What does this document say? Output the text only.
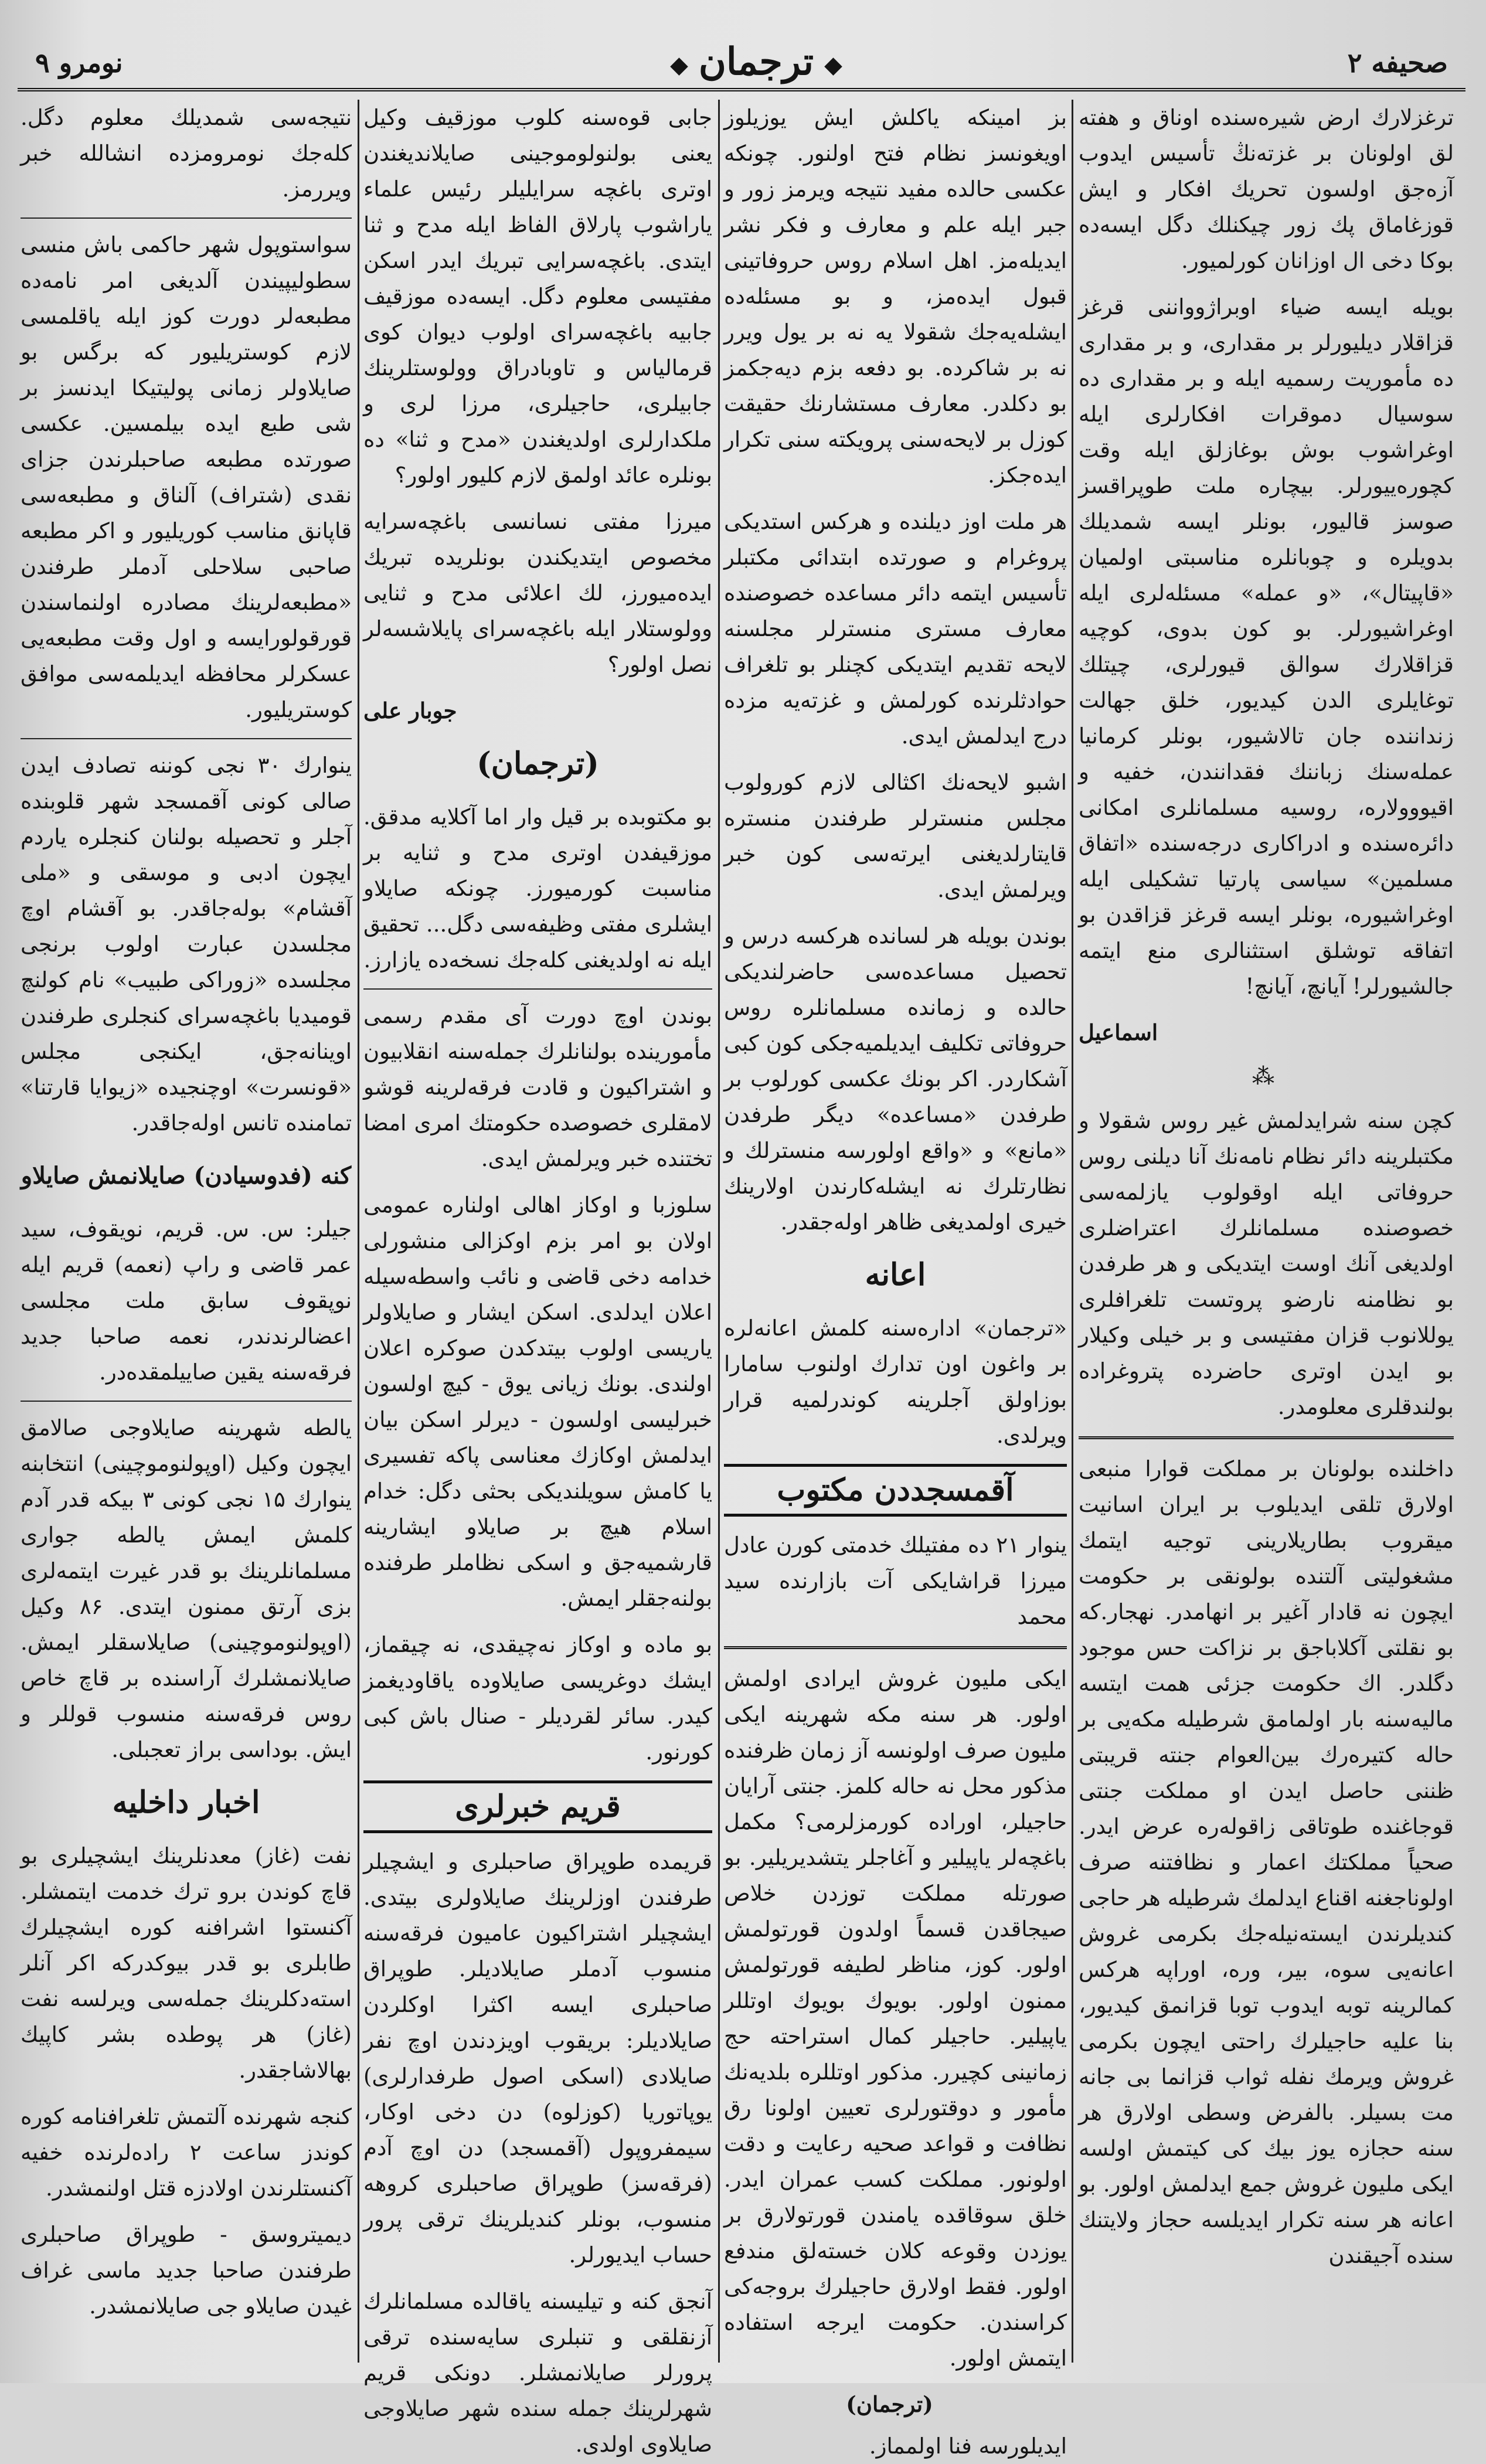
صحیفه ۲
◆ ترجمان ◆
نومرو ۹

ترغزلارك ارض شیرەسندە اوناق و هفته لق اولونان بر غزتەنڭ تأسیس ایدوب آزەجق اولسون تحریك افكار و ایش قوزغاماق پك زور چیكنلك دگل ایسەدە بوكا دخی ال اوزانان كورلمیور.

بویلە ایسە ضیاء اوبراژوواننی قرغز قزاقلار دیلیورلر بر مقداری، و بر مقداری ده مأموریت رسمیه ایلە و بر مقداری ده سوسیال دموقرات افكارلری ایلە اوغراشوب بوش بوغازلق ایلە وقت كچورەییورلر. بیچارە ملت طوپراقسز صوسز قالیور، بونلر ایسە شمدیلك بدویلره و چوبانلره مناسبتی اولمیان «قاپیتال»، «و عمله» مسئلەلری ایلە اوغراشیورلر. بو كون بدوی، كوچیه قزاقلارك سوالق قیورلری، چیتلك توغایلری الدن كیدیور، خلق جهالت زندانندە جان تالاشیور، بونلر كرمانیا عملەسنك زباننك فقدانندن، خفیه و اقیووولارە، روسیه مسلمانلری امكانی دائرەسندە و ادراكاری درجەسندە «اتفاق مسلمین» سیاسی پارتیا تشكیلی ایلە اوغراشیورە، بونلر ایسه قرغز قزاقدن بو اتفاقه توشلق استثنالری منع ایتمه جالشیورلر! آیانچ، آیانچ!

اسماعیل
⁂

كچن سنه شرایدلمش غیر روس شقولا و مكتبلرینه دائر نظام نامەنك آنا دیلنی روس حروفاتی ایلە اوقولوب یازلمەسی خصوصنده مسلمانلرك اعتراضلری اولدیغی آنك اوست ایتدیكی و هر طرفدن بو نظامنه نارضو پروتست تلغرافلری یوللانوب قزان مفتیسی و بر خیلی وكیلار بو ایدن اوتری حاضرده پتروغرادە بولندقلری معلومدر.

داخلندە بولونان بر مملكت قوارا منبعی اولارق تلقی ایدیلوب بر ایران اسانیت میقروب بطاریلارینی توجیه ایتمك مشغولیتی آلتنده بولونقی بر حكومت ایچون نه قادار آغیر بر انهامدر. نهجار.كه بو نقلتی آكلاباجق بر نزاكت حس موجود دگلدر. اك حكومت جزئی همت ایتسه مالیەسنه بار اولمامق شرطیلە مكه‌یی بر حالە كتیرەرك بین‌العوام جنته قریبتی ظننی حاصل ایدن او مملكت جنتی قوجاغندە طوتاقی زاقولەرە عرض ایدر. صحیاً مملكتك اعمار و نظافتنە صرف اولوناجغنه اقناع ایدلمك شرطیلە هر حاجی كندیلرندن ایسته‌نیله‌جك بكرمی غروش اعانه‌یی سوە، بیر، ورە، اوراپه هركس كمالرینه توبه ایدوب توبا قزانمق كیدیور، بنا علیه حاجیلرك راحتی ایچون بكرمی غروش ویرمك نفله ثواب قزانما بی جانه مت بسیلر. بالفرض وسطی اولارق هر سنه حجازه یوز بیك كی كیتمش اولسه ایكی ملیون غروش جمع ایدلمش اولور. بو اعانه هر سنه تكرار ایدیلسه حجاز ولایتنك سنده آجیقندن

بز امینكه یاكلش ایش یوزیلوز اویغونسز نظام فتح اولنور. چونكه عكسی حالدە مفید نتیجه ویرمز زور و جبر ایلە علم و معارف و فكر نشر ایدیلەمز. اهل اسلام روس حروفاتینی قبول ایدەمز، و بو مسئلەده ایشلەیه‌جك شقولا یه نه بر یول ویرر نه بر شاكرده. بو دفعه بزم دیه‌جكمز بو دكلدر. معارف مستشارنك حقیقت كوزل بر لایحەسنی پرویكته سنی تكرار ایده‌جكز.

هر ملت اوز دیلندە و هركس استدیكی پروغرام و صورتدە ابتدائی مكتبلر تأسیس ایتمه دائر مساعدە خصوصنده معارف مستری منسترلر مجلسنه لایحە تقدیم ایتدیكی كچنلر بو تلغراف حوادثلرنده كورلمش و غزتەیه مزده درج ایدلمش ایدی.

اشبو لایحەنك اكثالی لازم كورولوب مجلس منسترلر طرفندن منسترە قایتارلدیغنی ایرته‌سی كون خبر ویرلمش ایدی.

بوندن بویلە هر لسانده هركسه درس و تحصیل مساعده‌سی حاضرلندیكی حالده و زمانده مسلمانلره روس حروفاتی تكلیف ایدیلمیه‌جكی كون كبی آشكاردر. اكر بونك عكسی كورلوب بر طرفدن «مساعده» دیگر طرفدن «مانع» و «واقع اولورسه منسترلك و نظارتلرك نه ایشلەكارندن اولارینك خیری اولمدیغی ظاهر اوله‌جقدر.

اعانه

«ترجمان» ادارەسنه كلمش اعانه‌لره بر واغون اون تدارك اولنوب سامارا بوزاولق آجلرینه كوندرلمیه قرار ویرلدی.

آقمسجددن مكتوب

ینوار ۲۱ ده مفتیلك خدمتی كورن عادل میرزا قراشایكی آت بازارنده سید محمد

ایكی ملیون غروش ایرادی اولمش اولور. هر سنه مكه شهرینه ایكی ملیون صرف اولونسه آز زمان ظرفنده مذكور محل نه حاله كلمز. جنتی آرایان حاجیلر، اورادە كورمزلرمی؟ مكمل باغچەلر یاپیلیر و آغاجلر یتشدیریلیر. بو صورتله مملكت توزدن خلاص صیجاقدن قسماً اولدون قورتولمش اولور. كوز، مناظر لطیفه قورتولمش ممنون اولور. بویوك بویوك اوتللر یاپیلیر. حاجیلر كمال استراحته حج زمانینی كچیرر. مذكور اوتللره بلدیه‌نك مأمور و دوقتورلری تعیین اولونا رق نظافت و قواعد صحیه رعایت و دقت اولونور. مملكت كسب عمران ایدر. خلق سوقاقده یامندن قورتولارق بر یوزدن وقوعه كلان خستەلق مندفع اولور. فقط اولارق حاجیلرك بروجه‌كی كراسندن. حكومت ایرجه استفاده ایتمش اولور.

(ترجمان)

ایدیلورسه فنا اولمماز.

جابی قوەسنه كلوب موزقیف وكیل یعنی بولنولوموجینی صایلاندیغندن اوتری باغچه سرایلیلر رئیس علماء یاراشوب پارلاق الفاظ ایلە مدح و ثنا ایتدی. باغچەسرایی تبریك ایدر اسكن مفتیسی معلوم دگل. ایسەدە موزقیف جابیه باغچەسرای اولوب دیوان كوی قرمالیاس و تاوبادراق وولوستلرینك جابیلری، حاجیلری، مرزا لری و ملكدارلری اولدیغندن «مدح و ثنا» ده بونلره عائد اولمق لازم كلیور اولور؟

میرزا مفتی نسانسی باغچەسرایه مخصوص ایتدیكندن بونلریده تبریك ایده‌میورز، لك اعلائی مدح و ثنایی وولوستلار ایلە باغچەسرای پایلاشسەلر نصل اولور؟

جوبار علی
(ترجمان)

بو مكتوبده بر قیل وار اما آكلایه مدقق. موزقیفدن اوتری مدح و ثنایه بر مناسبت كورمیورز. چونكه صایلاو ایشلری مفتی وظیفەسی دگل... تحقیق ایلە نه اولدیغنی كله‌جك نسخه‌ده یازارز.

بوندن اوچ دورت آی مقدم رسمی مأموریندە بولنانلرك جملەسنه انقلابیون و اشتراكیون و قادت فرقەلرینه قوشو لامقلری خصوصده حكومتك امری امضا تختنده خبر ویرلمش ایدی.

سلوزبا و اوكاز اهالی اولنارە عمومی اولان بو امر بزم اوكزالی منشورلی خدامه دخی قاضی و نائب واسطەسیلە اعلان ایدلدی. اسكن ایشار و صایلاولر یاریسی اولوب بیتدكدن صوكره اعلان اولندی. بونك زیانی یوق - كیچ اولسون خبرلیسی اولسون - دیرلر اسكن بیان ایدلمش اوكازك معناسی پاكه تفسیری یا كامش سویلندیكی بحثی دگل: خدام اسلام هیچ بر صایلاو ایشارینه قارشمیه‌جق و اسكی نظاملر طرفندە بولنه‌جقلر ایمش.

بو ماده و اوكاز نه‌چیقدی، نه چیقماز، ایشك دوغریسی صایلاوده یاقاودیغمز كیدر. سائر لقردیلر - صنال باش كبی كورنور.

قریم خبرلری

قریمده طوپراق صاحبلری و ایشچیلر طرفندن اوزلرینك صایلاولری بیتدی. ایشچیلر اشتراكیون عامیون فرقەسنه منسوب آدملر صایلادیلر. طوپراق صاحبلری ایسه اكثرا اوكلردن صایلادیلر: بریقوب اویزدندن اوچ نفر صایلادی (اسكی اصول طرفدارلری) یوپاتوریا (كوزلوه) دن دخی اوكار، سیمفروپول (آقمسجد) دن اوچ آدم (فرقەسز) طوپراق صاحبلری كروهه منسوب، بونلر كندیلرینك ترقی پرور حساب ایدیورلر.

آنجق كنه و تیلیسنه یاقالده مسلمانلرك آزنقلقی و تنبلری سایەسنده ترقی پرورلر صایلانمشلر. دونكی قریم شهرلرینك جمله سنده شهر صایلاوجی صایلاوی اولدی.

نتیجەسی شمدیلك معلوم دگل. كلەجك نومرومزده انشالله خبر ویررمز.

سواستوپول شهر حاكمی باش منسی سطولیپیندن آلدیغی امر نامه‌ده مطبعه‌لر دورت كوز ایلە یاقلمسی لازم كوستریلیور كه برگس بو صایلاولر زمانی پولیتیكا ایدنسز بر شی طبع ایدە بیلمسین. عكسی صورتده مطبعه صاحبلرندن جزای نقدی (شتراف) آلناق و مطبعەسی قاپانق مناسب كوریلیور و اكر مطبعه صاحبی سلاحلی آدملر طرفندن «مطبعه‌لرینك مصادرە اولنماسندن قورقولورایسه و اول وقت مطبعه‌یی عسكرلر محافظه ایدیلمه‌سی موافق كوستریلیور.

ینوارك ۳۰ نجی كوننه تصادف ایدن صالی كونی آقمسجد شهر قلوبنده آجلر و تحصیله بولنان كنجلره یاردم ایچون ادبی و موسقی و «ملی آقشام» بولەجاقدر. بو آقشام اوچ مجلسدن عبارت اولوب برنجی مجلسده «زوراكی طبیب» نام كولنچ قومیدیا باغچەسرای كنجلری طرفندن اوینانه‌جق، ایكنجی مجلس «قونسرت» اوچنجیده «زیوایا قارتنا» تمامنده تانس اوله‌جاقدر.

كنه (فدوسیادن) صایلانمش صایلاو

جیلر: س. س. قریم، نویقوف، سید عمر قاضی و راپ (نعمه) قریم ایله نوپقوف سابق ملت مجلسی اعضالرندندر، نعمه صاحبا جدید فرقەسنه یقین صاییلمقده‌در.

یالطه شهرینه صایلاوجی صالامق ایچون وكیل (اوپولنوموچینی) انتخابنه ینوارك ۱۵ نجی كونی ۳ بیكه قدر آدم كلمش ایمش یالطه جواری مسلمانلرینك بو قدر غیرت ایتمه‌لری بزی آرتق ممنون ایتدی. ۸۶ وكیل (اوپولنوموچینی) صایلاسقلر ایمش. صایلانمشلرك آراسنده بر قاچ خاص روس فرقەسنه منسوب قوللر و ایش. بوداسی براز تعجبلی.

اخبار داخلیه

نفت (غاز) معدنلرینك ایشچیلری بو قاچ كوندن برو ترك خدمت ایتمشلر. آكنستوا اشرافنه كوره ایشچیلرك طابلری بو قدر بیوكدركه اكر آنلر استه‌دكلرینك جملەسی ویرلسه نفت (غاز) هر پوطده بشر كاپیك بهالاشاجقدر.

كنجه شهرنده آلتمش تلغرافنامه كوره كوندز ساعت ۲ راده‌لرنده خفیه آكنستلرندن اولادزه قتل اولنمشدر.

دیمیتروسق - طوپراق صاحبلری طرفندن صاحبا جدید ماسی غراف غیدن صایلاو جی صایلانمشدر.
